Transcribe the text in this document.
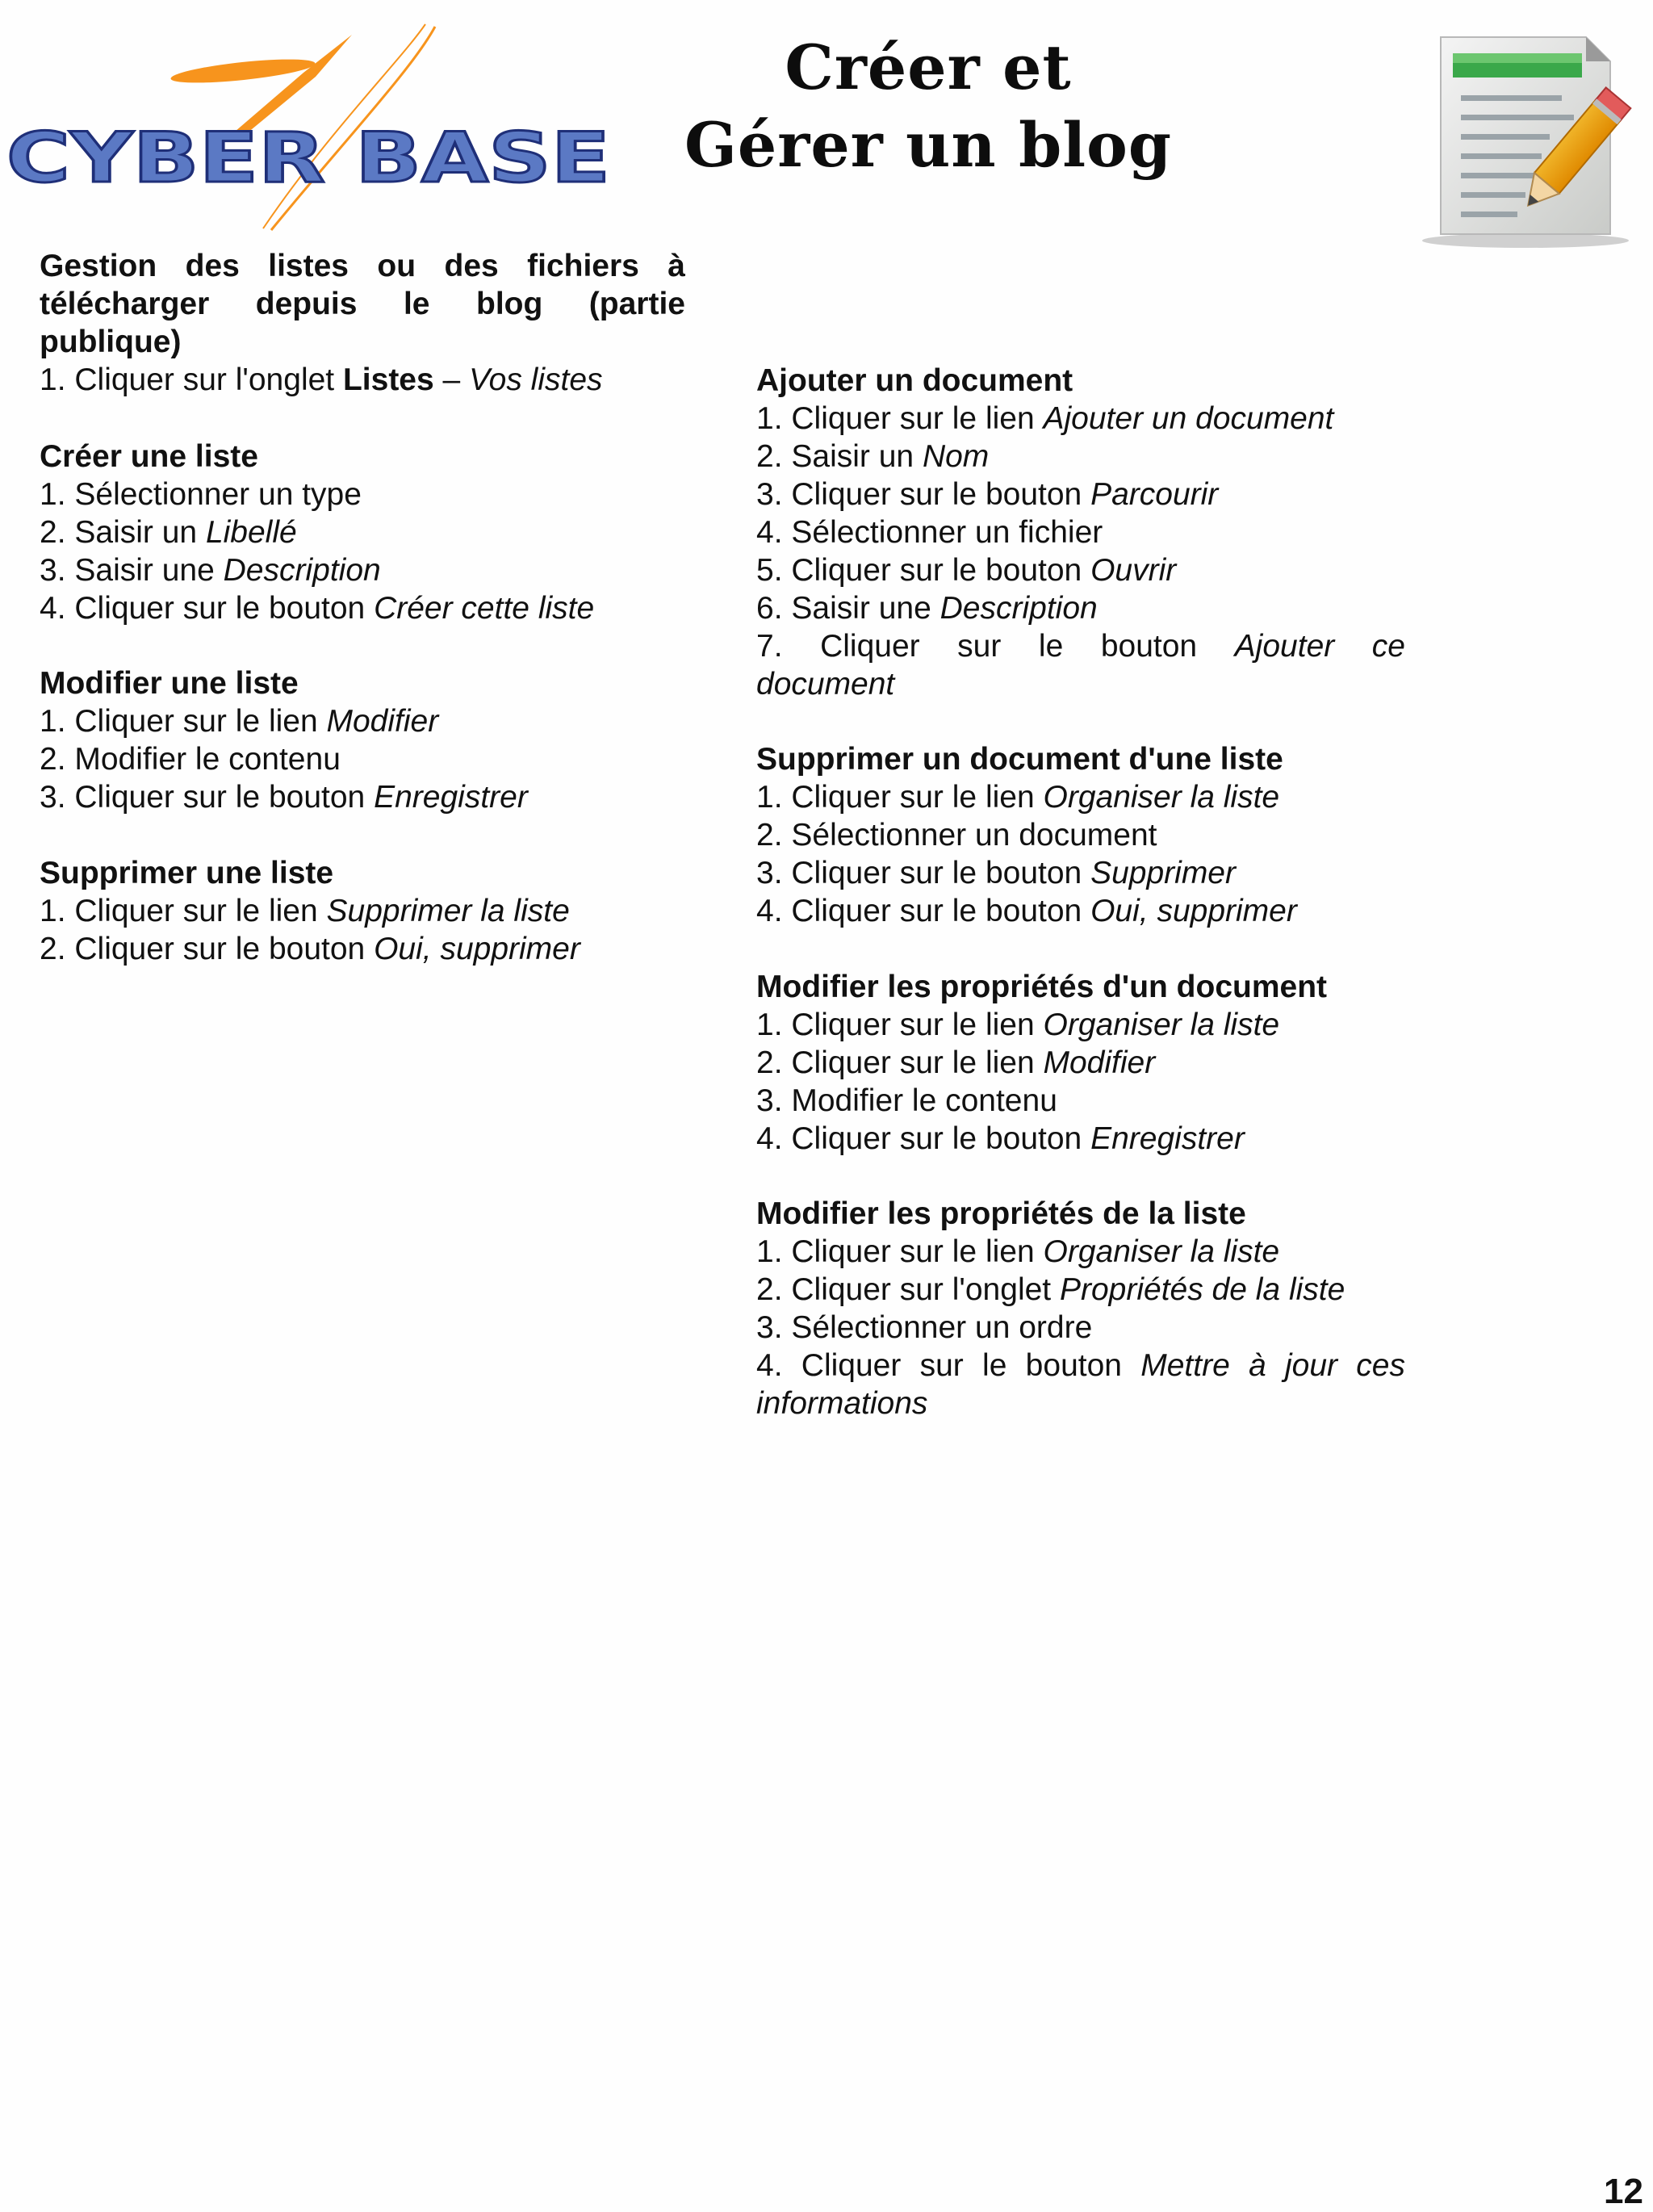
CYBER BASE
Créer et
Gérer un blog
Gestion des listes ou des fichiers à
télécharger depuis le blog (partie
publique)
1. Cliquer sur l'onglet Listes – Vos listes
Créer une liste
1. Sélectionner un type
2. Saisir un Libellé
3. Saisir une Description
4. Cliquer sur le bouton Créer cette liste
Modifier une liste
1. Cliquer sur le lien Modifier
2. Modifier le contenu
3. Cliquer sur le bouton Enregistrer
Supprimer une liste
1. Cliquer sur le lien Supprimer la liste
2. Cliquer sur le bouton Oui, supprimer
Ajouter un document
1. Cliquer sur le lien Ajouter un document
2. Saisir un Nom
3. Cliquer sur le bouton Parcourir
4. Sélectionner un fichier
5. Cliquer sur le bouton Ouvrir
6. Saisir une Description
7. Cliquer sur le bouton Ajouter ce
document
Supprimer un document d'une liste
1. Cliquer sur le lien Organiser la liste
2. Sélectionner un document
3. Cliquer sur le bouton Supprimer
4. Cliquer sur le bouton Oui, supprimer
Modifier les propriétés d'un document
1. Cliquer sur le lien Organiser la liste
2. Cliquer sur le lien Modifier
3. Modifier le contenu
4. Cliquer sur le bouton Enregistrer
Modifier les propriétés de la liste
1. Cliquer sur le lien Organiser la liste
2. Cliquer sur l'onglet Propriétés de la liste
3. Sélectionner un ordre
4. Cliquer sur le bouton Mettre à jour ces
informations
12
